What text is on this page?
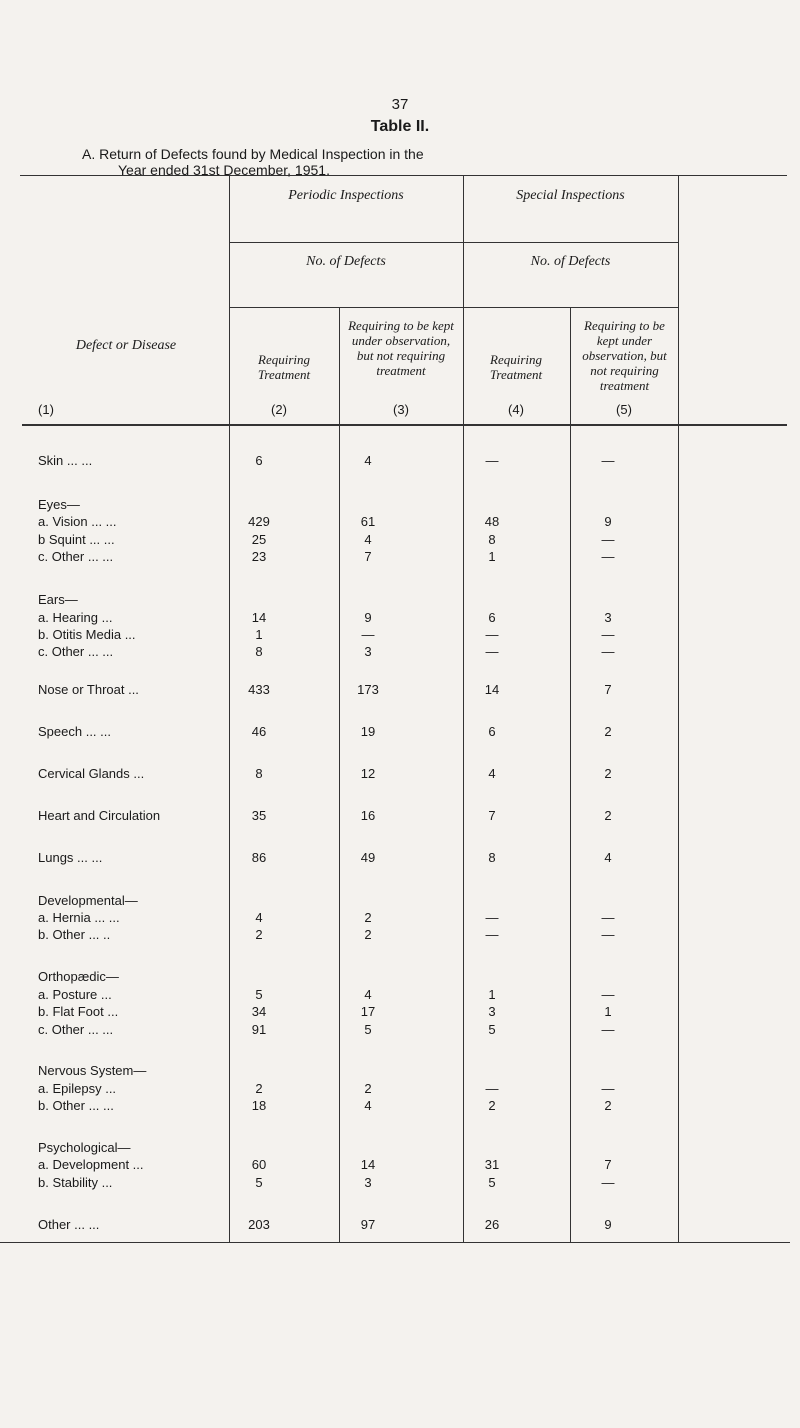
37
Table II.
A. Return of Defects found by Medical Inspection in the
Year ended 31st December, 1951.
Periodic Inspections	Special Inspections
No. of Defects	No. of Defects
Defect or Disease
Requiring Treatment
Requiring to be kept under observation, but not requiring treatment
Requiring Treatment
Requiring to be kept under observation, but not requiring treatment
(1)	(2)	(3)	(4)	(5)
Skin ... ...	6	4	—	—
Eyes—
a. Vision ... ...	429	61	48	9
b Squint ... ...	25	4	8	—
c. Other ... ...	23	7	1	—
Ears—
a. Hearing ...	14	9	6	3
b. Otitis Media ...	1	—	—	—
c. Other ... ...	8	3	—	—
Nose or Throat ...	433	173	14	7
Speech ... ...	46	19	6	2
Cervical Glands ...	8	12	4	2
Heart and Circulation	35	16	7	2
Lungs ... ...	86	49	8	4
Developmental—
a. Hernia ... ...	4	2	—	—
b. Other ... ..	2	2	—	—
Orthopædic—
a. Posture ...	5	4	1	—
b. Flat Foot ...	34	17	3	1
c. Other ... ...	91	5	5	—
Nervous System—
a. Epilepsy ...	2	2	—	—
b. Other ... ...	18	4	2	2
Psychological—
a. Development ...	60	14	31	7
b. Stability ...	5	3	5	—
Other ... ...	203	97	26	9
